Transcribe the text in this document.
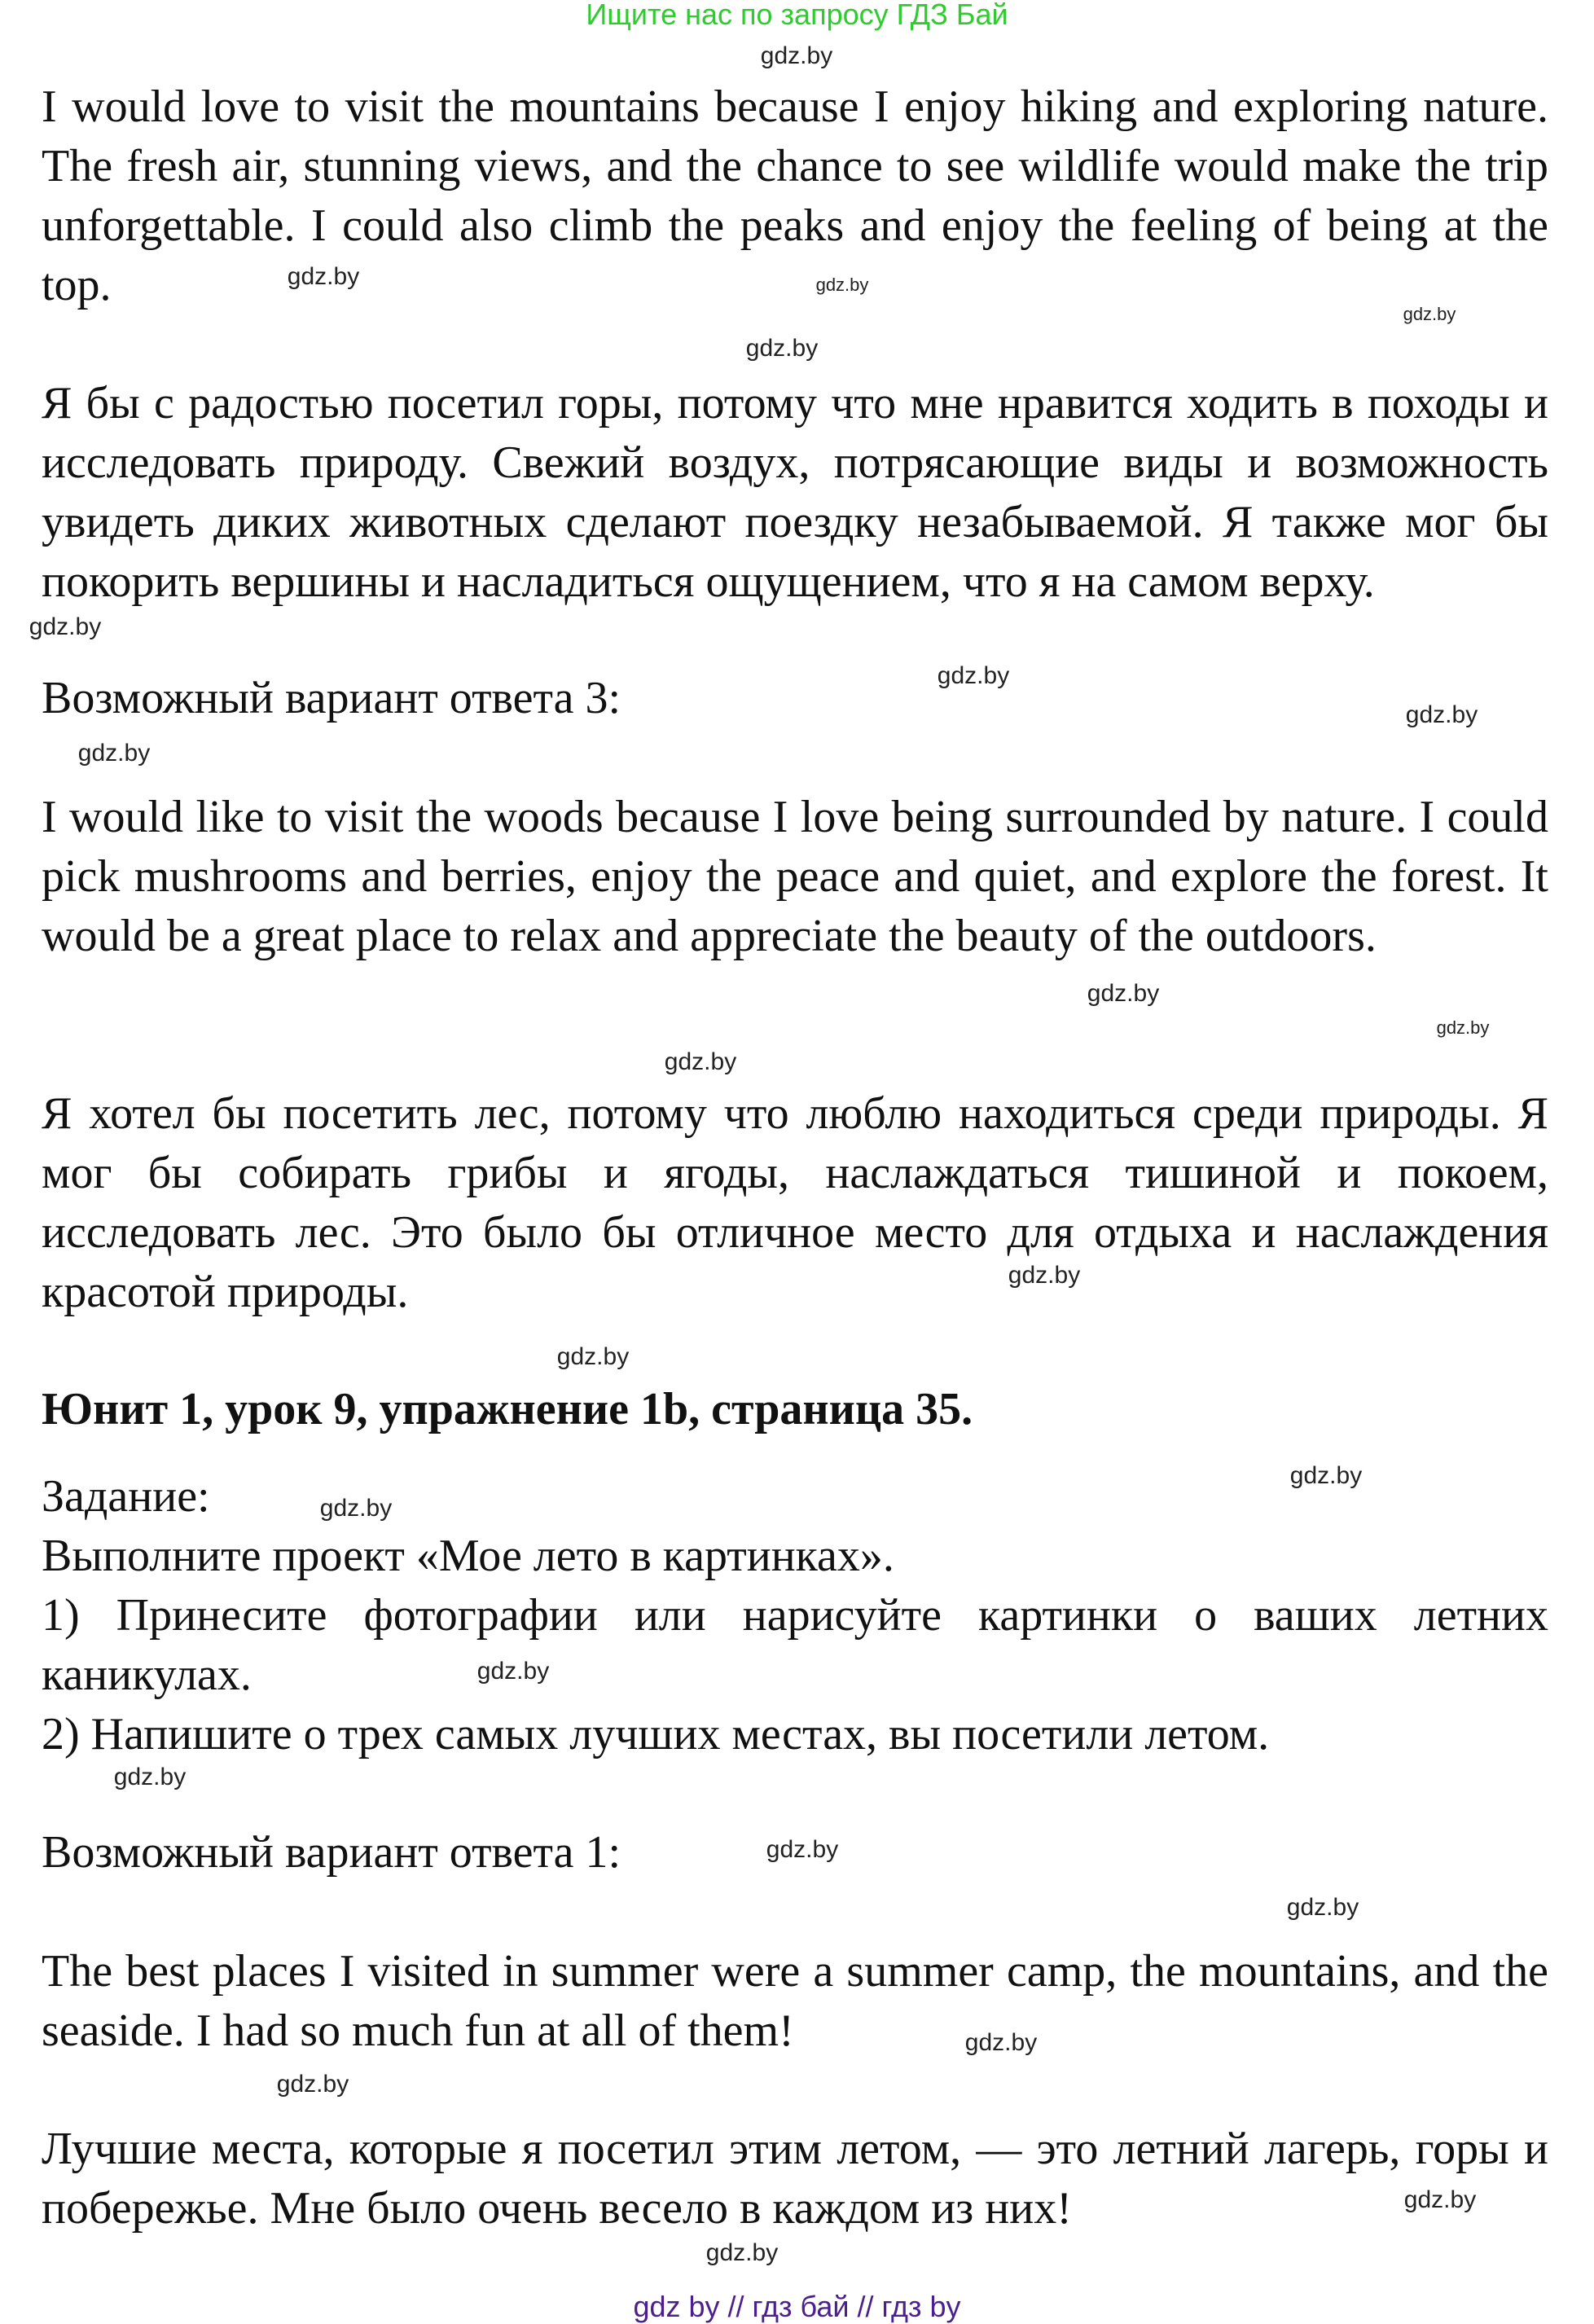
Ищите нас по запросу ГДЗ Бай

I would love to visit the mountains because I enjoy hiking and exploring nature. The fresh air, stunning views, and the chance to see wildlife would make the trip unforgettable. I could also climb the peaks and enjoy the feeling of being at the top.

Я бы с радостью посетил горы, потому что мне нравится ходить в походы и исследовать природу. Свежий воздух, потрясающие виды и возможность увидеть диких животных сделают поездку незабываемой. Я также мог бы покорить вершины и насладиться ощущением, что я на самом верху.

Возможный вариант ответа 3:

I would like to visit the woods because I love being surrounded by nature. I could pick mushrooms and berries, enjoy the peace and quiet, and explore the forest. It would be a great place to relax and appreciate the beauty of the outdoors.

Я хотел бы посетить лес, потому что люблю находиться среди природы. Я мог бы собирать грибы и ягоды, наслаждаться тишиной и покоем, исследовать лес. Это было бы отличное место для отдыха и наслаждения красотой природы.

Юнит 1, урок 9, упражнение 1b, страница 35.

Задание:
Выполните проект «Мое лето в картинках».
1) Принесите фотографии или нарисуйте картинки о ваших летних каникулах.
2) Напишите о трех самых лучших местах, вы посетили летом.

Возможный вариант ответа 1:

The best places I visited in summer were a summer camp, the mountains, and the seaside. I had so much fun at all of them!

Лучшие места, которые я посетил этим летом, — это летний лагерь, горы и побережье. Мне было очень весело в каждом из них!

gdz.by
gdz.by
gdz.by
gdz.by
gdz.by
gdz.by
gdz.by
gdz.by
gdz.by
gdz.by
gdz.by
gdz.by
gdz.by
gdz.by
gdz.by
gdz.by
gdz.by
gdz.by
gdz.by
gdz.by
gdz.by
gdz.by
gdz.by
gdz.by
gdz by // гдз бай // гдз by
